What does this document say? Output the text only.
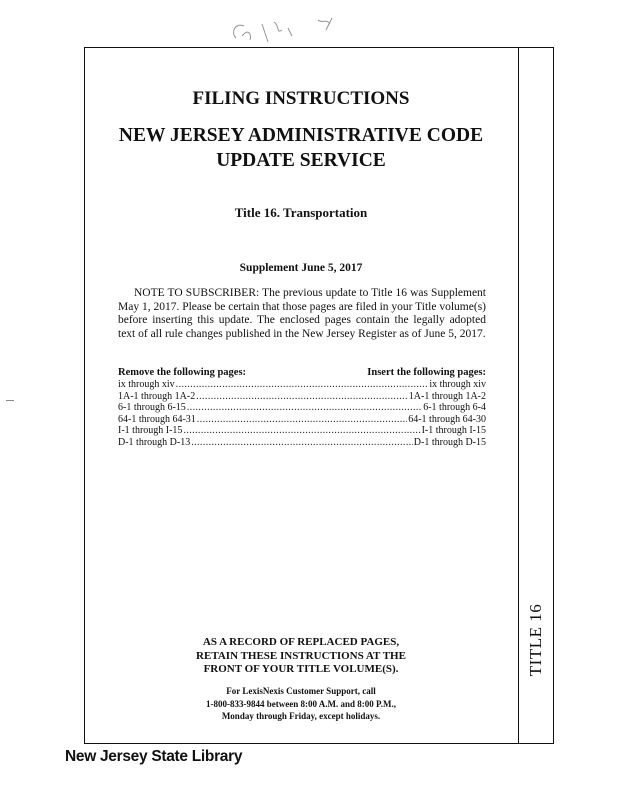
TITLE 16
FILING INSTRUCTIONS
NEW JERSEY ADMINISTRATIVE CODE
UPDATE SERVICE
Title 16. Transportation
Supplement June 5, 2017
NOTE TO SUBSCRIBER: The previous update to Title 16 was Supplement May 1, 2017. Please be certain that those pages are filed in your Title volume(s) before inserting this update. The enclosed pages contain the legally adopted text of all rule changes published in the New Jersey Register as of June 5, 2017.
Remove the following pages:	Insert the following pages:
ix through xiv .....	ix through xiv
1A-1 through 1A-2 .....	1A-1 through 1A-2
6-1 through 6-15 .....	6-1 through 6-4
64-1 through 64-31 .....	64-1 through 64-30
I-1 through I-15 .....	I-1 through I-15
D-1 through D-13 .....	D-1 through D-15
AS A RECORD OF REPLACED PAGES,
RETAIN THESE INSTRUCTIONS AT THE
FRONT OF YOUR TITLE VOLUME(S).
For LexisNexis Customer Support, call
1-800-833-9844 between 8:00 A.M. and 8:00 P.M.,
Monday through Friday, except holidays.
New Jersey State Library
